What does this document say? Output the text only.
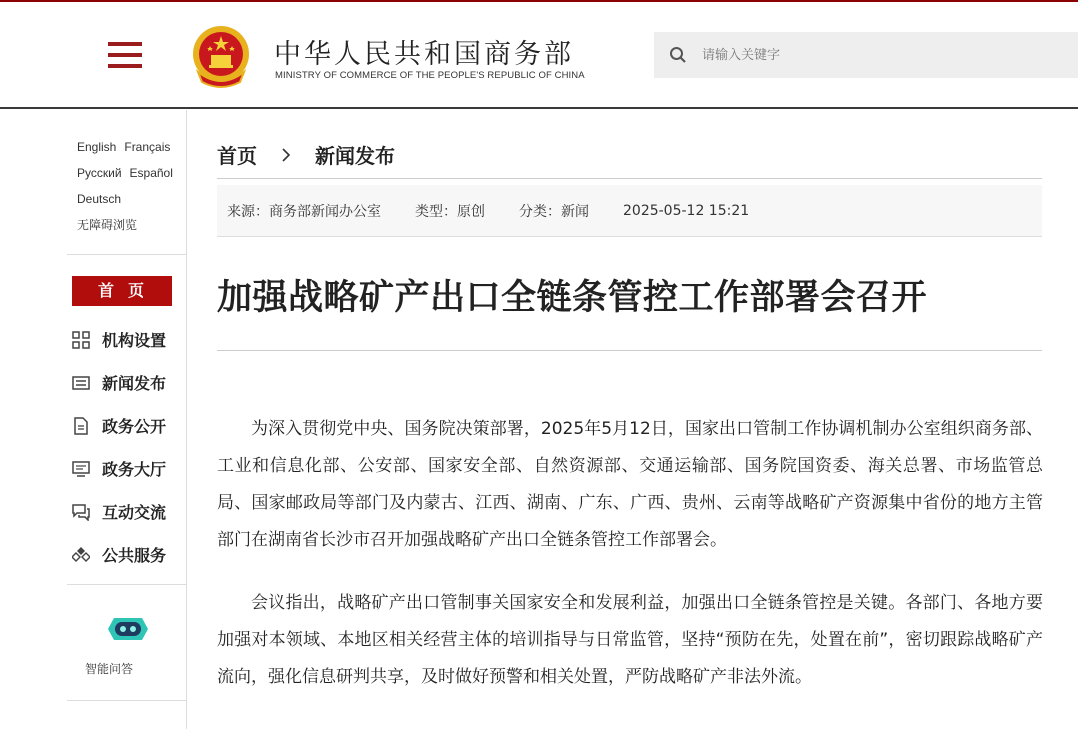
中华人民共和国商务部
MINISTRY OF COMMERCE OF THE PEOPLE'S REPUBLIC OF CHINA
请输入关键字
English Français
Русский Español
Deutsch
无障碍浏览
首页
机构设置
新闻发布
政务公开
政务大厅
互动交流
公共服务
智能问答
首页	新闻发布
来源：商务部新闻办公室 类型：原创 分类：新闻 2025-05-12 15:21
加强战略矿产出口全链条管控工作部署会召开

为深入贯彻党中央、国务院决策部署，2025年5月12日，国家出口管制工作协调机制办公室组织商务部、工业和信息化部、公安部、国家安全部、自然资源部、交通运输部、国务院国资委、海关总署、市场监管总局、国家邮政局等部门及内蒙古、江西、湖南、广东、广西、贵州、云南等战略矿产资源集中省份的地方主管部门在湖南省长沙市召开加强战略矿产出口全链条管控工作部署会。

会议指出，战略矿产出口管制事关国家安全和发展利益，加强出口全链条管控是关键。各部门、各地方要加强对本领域、本地区相关经营主体的培训指导与日常监管，坚持“预防在先，处置在前”，密切跟踪战略矿产流向，强化信息研判共享，及时做好预警和相关处置，严防战略矿产非法外流。
